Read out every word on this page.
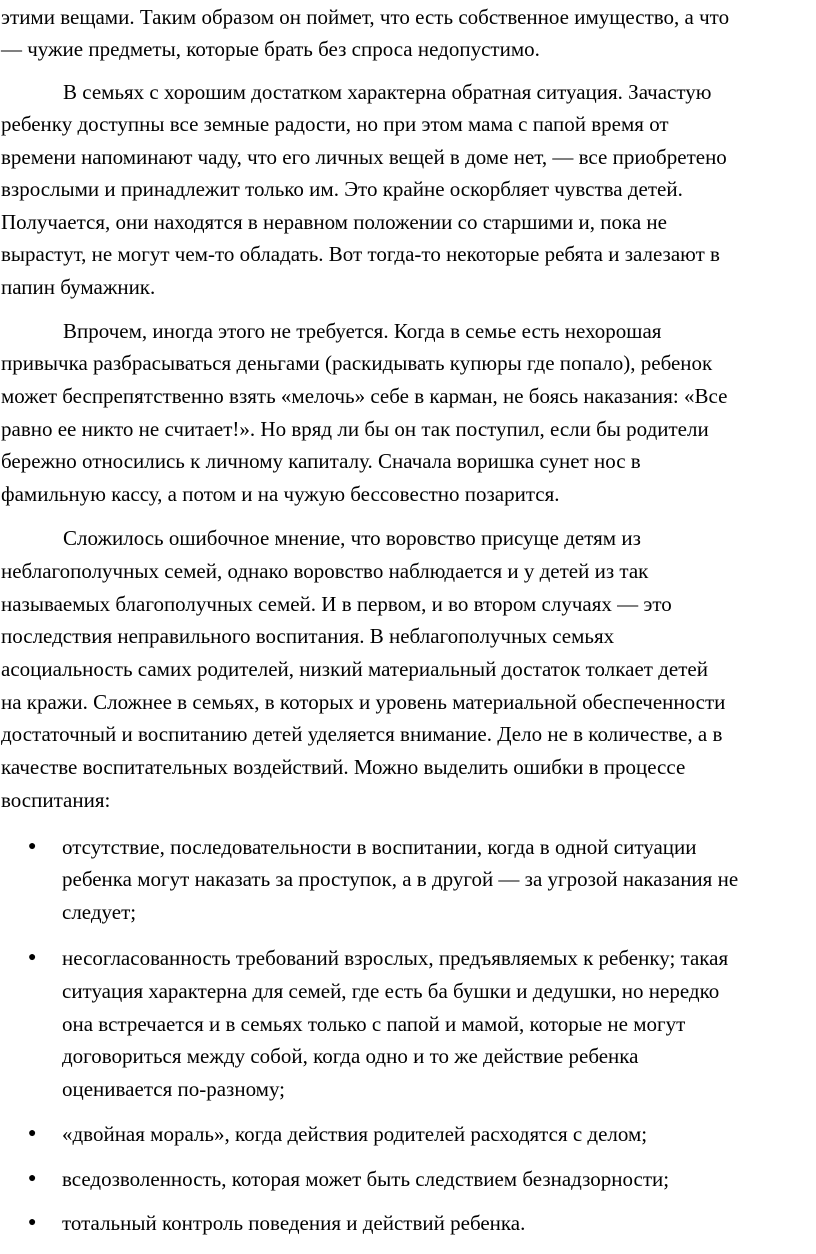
этими вещами. Таким образом он поймет, что есть собственное имущество, а что
— чужие предметы, которые брать без спроса недопустимо.
В семьях с хорошим достатком характерна обратная ситуация. Зачастую
ребенку доступны все земные радости, но при этом мама с папой время от
времени напоминают чаду, что его личных вещей в доме нет, — все приобретено
взрослыми и принадлежит только им. Это крайне оскорбляет чувства детей.
Получается, они находятся в неравном положении со старшими и, пока не
вырастут, не могут чем-то обладать. Вот тогда-то некоторые ребята и залезают в
папин бумажник.
Впрочем, иногда этого не требуется. Когда в семье есть нехорошая
привычка разбрасываться деньгами (раскидывать купюры где попало), ребенок
может беспрепятственно взять «мелочь» себе в карман, не боясь наказания: «Все
равно ее никто не считает!». Но вряд ли бы он так поступил, если бы родители
бережно относились к личному капиталу. Сначала воришка сунет нос в
фамильную кассу, а потом и на чужую бессовестно позарится.
Сложилось ошибочное мнение, что воровство присуще детям из
неблагополучных семей, однако воровство наблюдается и у детей из так
называемых благополучных семей. И в первом, и во втором случаях — это
последствия неправильного воспитания. В неблагополучных семьях
асоциальность самих родителей, низкий материальный достаток толкает детей
на кражи. Сложнее в семьях, в которых и уровень материальной обеспеченности
достаточный и воспитанию детей уделяется внимание. Дело не в количестве, а в
качестве воспитательных воздействий. Можно выделить ошибки в процессе
воспитания:
● отсутствие, последовательности в воспитании, когда в одной ситуации
ребенка могут наказать за проступок, а в другой — за угрозой наказания не
следует;
● несогласованность требований взрослых, предъявляемых к ребенку; такая
ситуация характерна для семей, где есть ба бушки и дедушки, но нередко
она встречается и в семьях только с папой и мамой, которые не могут
договориться между собой, когда одно и то же действие ребенка
оценивается по-разному;
● «двойная мораль», когда действия родителей расходятся с делом;
● вседозволенность, которая может быть следствием безнадзорности;
● тотальный контроль поведения и действий ребенка.
